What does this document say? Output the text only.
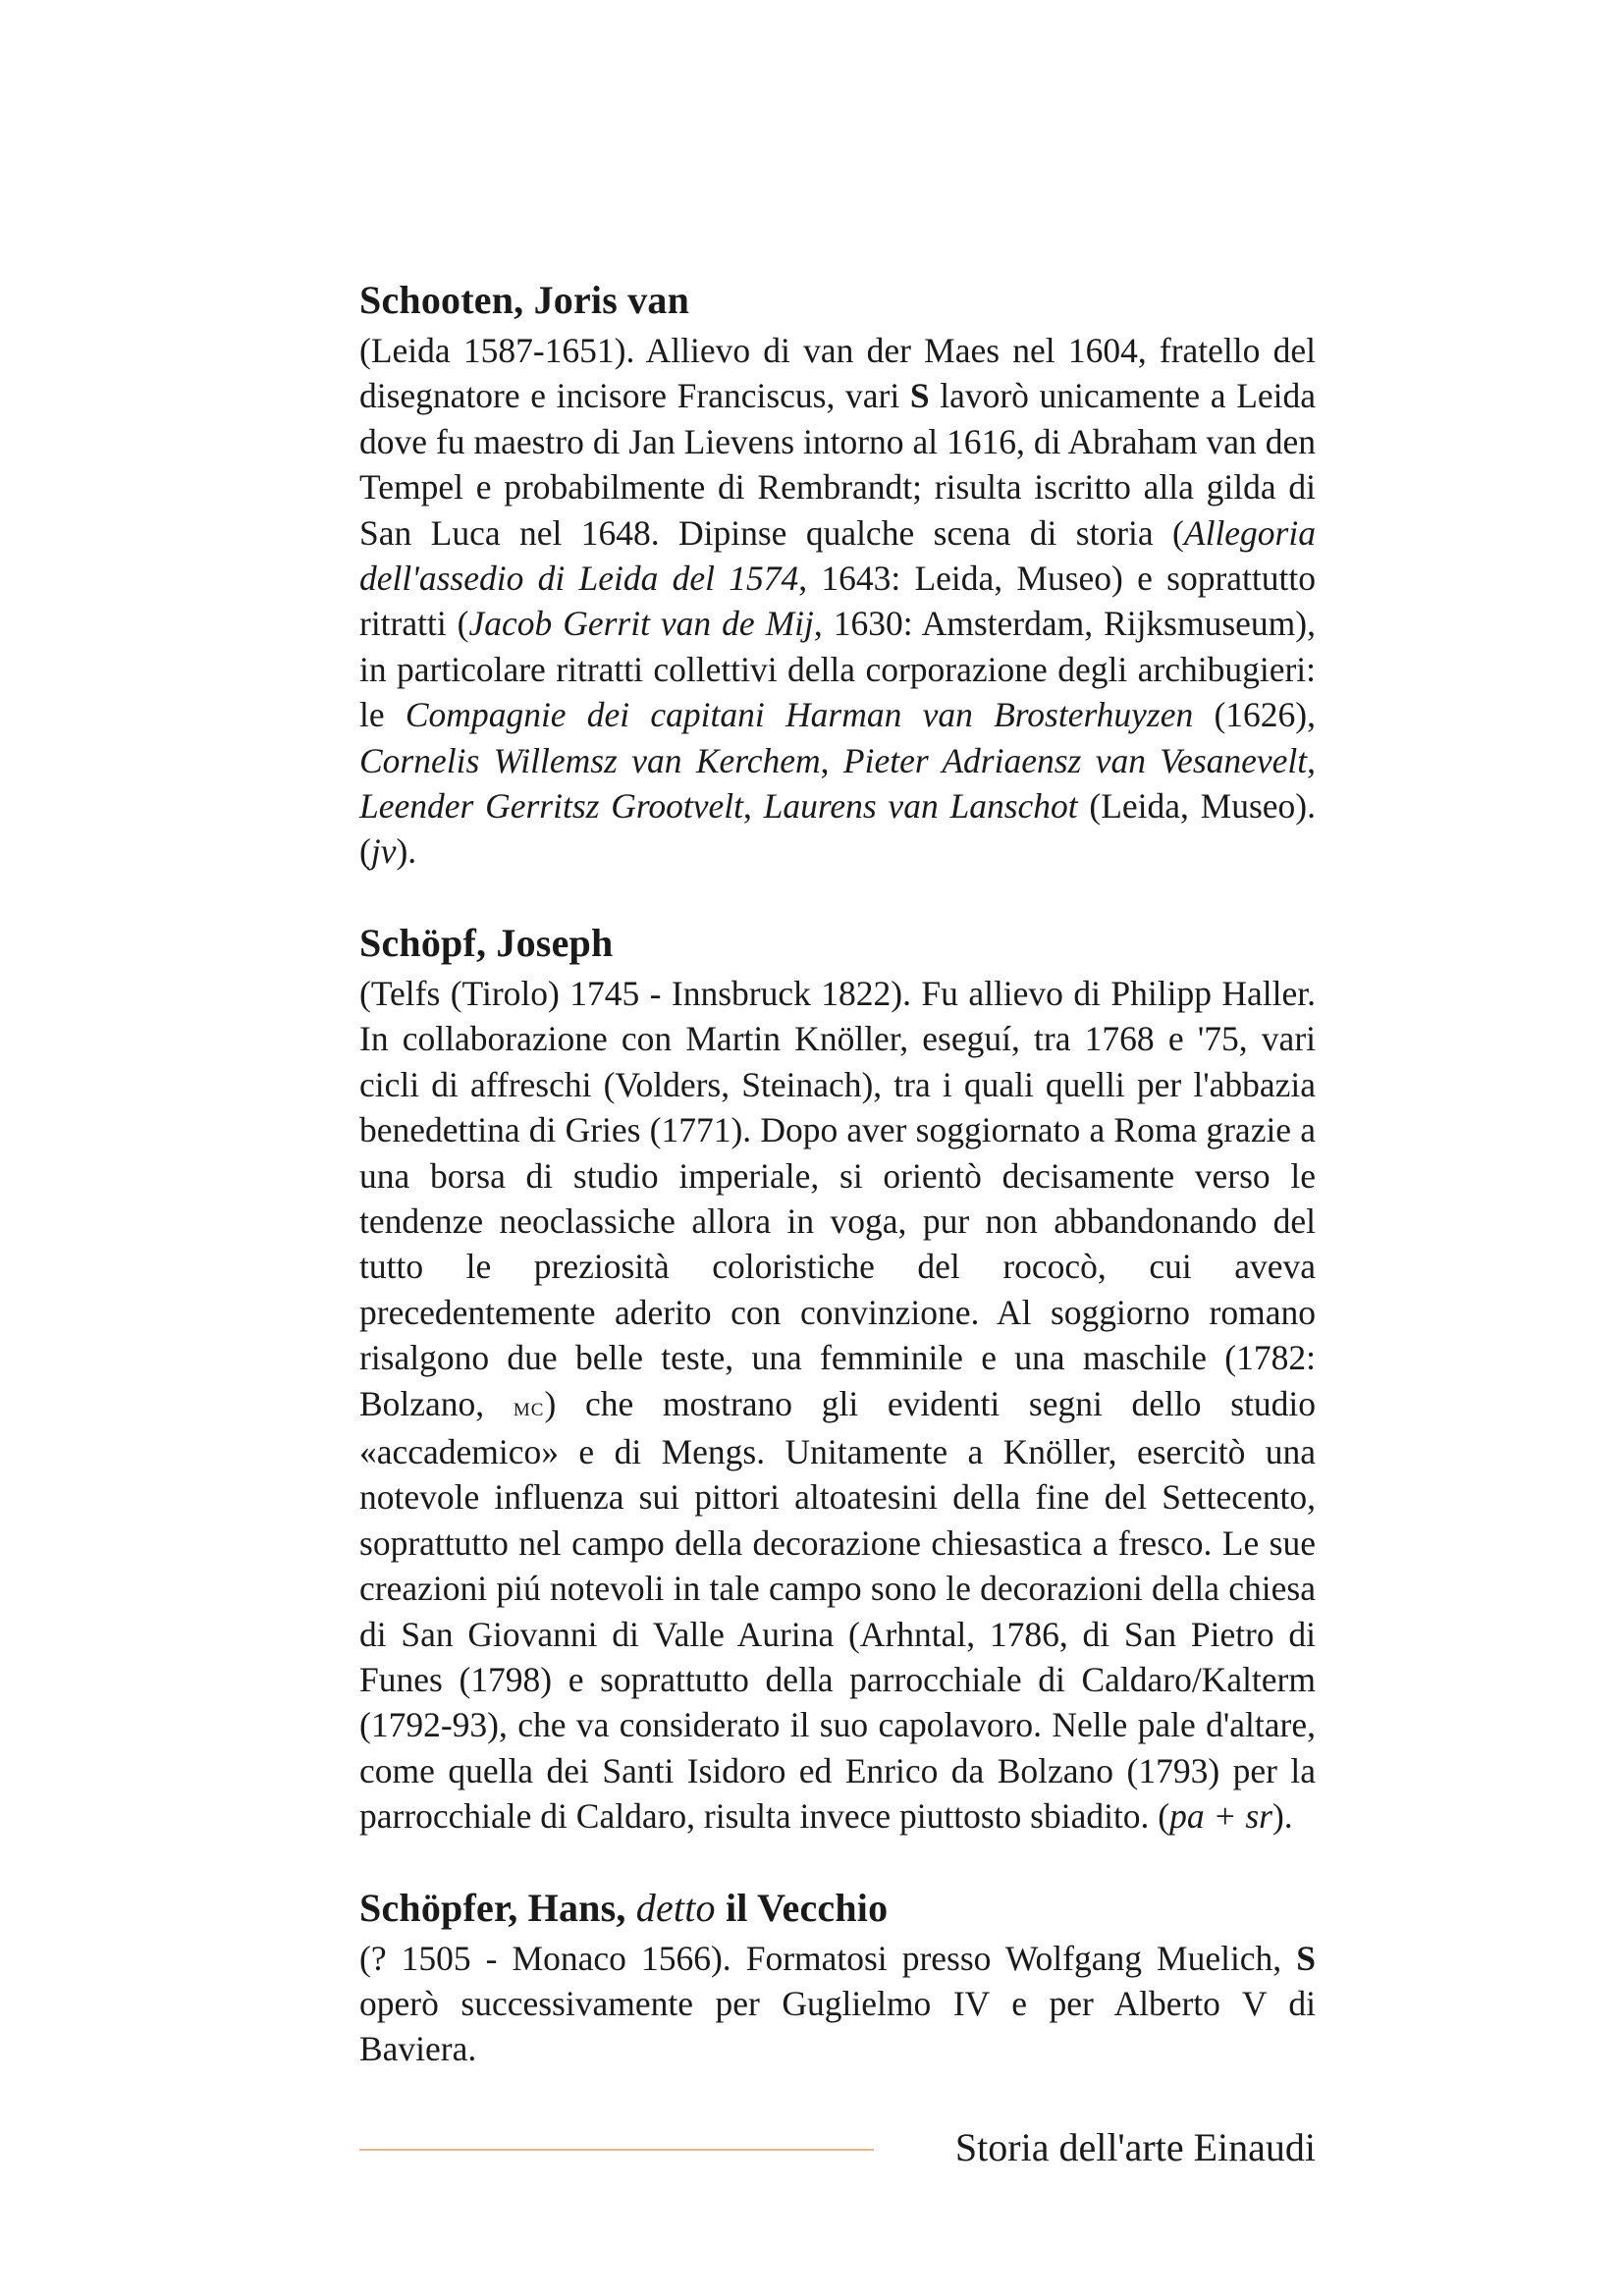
Schooten, Joris van

(Leida 1587-1651). Allievo di van der Maes nel 1604, fratello del disegnatore e incisore Franciscus, vari S lavorò unicamente a Leida dove fu maestro di Jan Lievens intorno al 1616, di Abraham van den Tempel e probabilmente di Rembrandt; risulta iscritto alla gilda di San Luca nel 1648. Dipinse qualche scena di storia (Allegoria dell'assedio di Leida del 1574, 1643: Leida, Museo) e soprattutto ritratti (Jacob Gerrit van de Mij, 1630: Amsterdam, Rijksmuseum), in particolare ritratti collettivi della corporazione degli archibugieri: le Compagnie dei capitani Harman van Brosterhuyzen (1626), Cornelis Willemsz van Kerchem, Pieter Adriaensz van Vesanevelt, Leender Gerritsz Grootvelt, Laurens van Lanschot (Leida, Museo). (jv).

Schöpf, Joseph

(Telfs (Tirolo) 1745 - Innsbruck 1822). Fu allievo di Philipp Haller. In collaborazione con Martin Knöller, eseguí, tra 1768 e '75, vari cicli di affreschi (Volders, Steinach), tra i quali quelli per l'abbazia benedettina di Gries (1771). Dopo aver soggiornato a Roma grazie a una borsa di studio imperiale, si orientò decisamente verso le tendenze neoclassiche allora in voga, pur non abbandonando del tutto le preziosità coloristiche del rococò, cui aveva precedentemente aderito con convinzione. Al soggiorno romano risalgono due belle teste, una femminile e una maschile (1782: Bolzano, mc) che mostrano gli evidenti segni dello studio «accademico» e di Mengs. Unitamente a Knöller, esercitò una notevole influenza sui pittori altoatesini della fine del Settecento, soprattutto nel campo della decorazione chiesastica a fresco. Le sue creazioni piú notevoli in tale campo sono le decorazioni della chiesa di San Giovanni di Valle Aurina (Arhntal, 1786, di San Pietro di Funes (1798) e soprattutto della parrocchiale di Caldaro/Kalterm (1792-93), che va considerato il suo capolavoro. Nelle pale d'altare, come quella dei Santi Isidoro ed Enrico da Bolzano (1793) per la parrocchiale di Caldaro, risulta invece piuttosto sbiadito. (pa + sr).

Schöpfer, Hans, detto il Vecchio

(? 1505 - Monaco 1566). Formatosi presso Wolfgang Muelich, S operò successivamente per Guglielmo IV e per Alberto V di Baviera.

Storia dell'arte Einaudi
